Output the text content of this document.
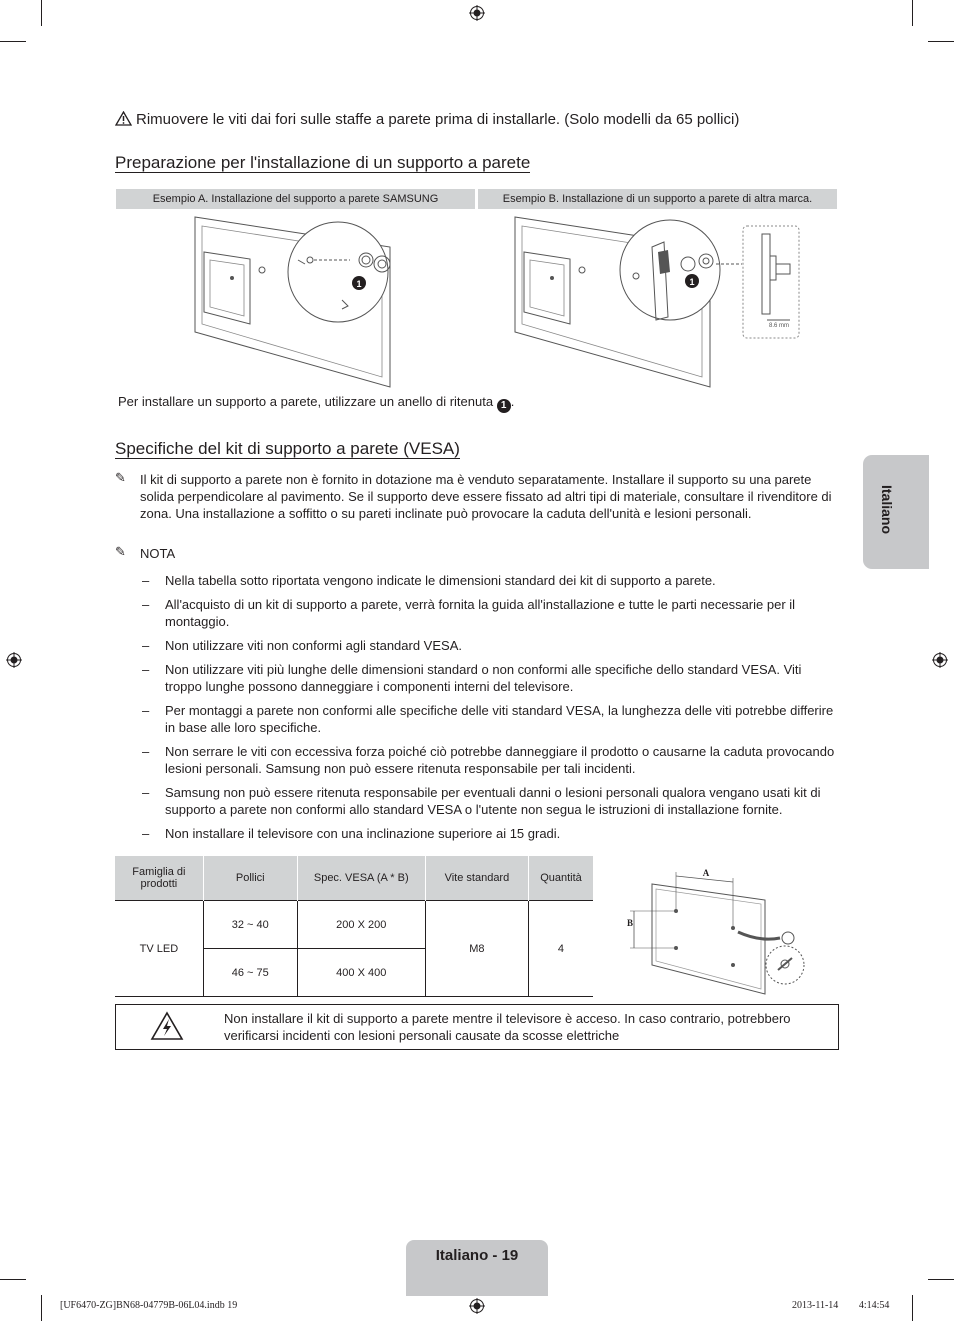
Rimuovere le viti dai fori sulle staffe a parete prima di installarle. (Solo modelli da 65 pollici)
Preparazione per l'installazione di un supporto a parete
Esempio A. Installazione del supporto a parete SAMSUNG	Esempio B. Installazione di un supporto a parete di altra marca.
1	1
8.6 mm
Per installare un supporto a parete, utilizzare un anello di ritenuta 1 .
Specifiche del kit di supporto a parete (VESA)
✎ Il kit di supporto a parete non è fornito in dotazione ma è venduto separatamente. Installare il supporto su una parete solida perpendicolare al pavimento. Se il supporto deve essere fissato ad altri tipi di materiale, consultare il rivenditore di zona. Una installazione a soffitto o su pareti inclinate può provocare la caduta dell'unità e lesioni personali.
✎ NOTA
– Nella tabella sotto riportata vengono indicate le dimensioni standard dei kit di supporto a parete.
– All'acquisto di un kit di supporto a parete, verrà fornita la guida all'installazione e tutte le parti necessarie per il montaggio.
– Non utilizzare viti non conformi agli standard VESA.
– Non utilizzare viti più lunghe delle dimensioni standard o non conformi alle specifiche dello standard VESA. Viti troppo lunghe possono danneggiare i componenti interni del televisore.
– Per montaggi a parete non conformi alle specifiche delle viti standard VESA, la lunghezza delle viti potrebbe differire in base alle loro specifiche.
– Non serrare le viti con eccessiva forza poiché ciò potrebbe danneggiare il prodotto o causarne la caduta provocando lesioni personali. Samsung non può essere ritenuta responsabile per tali incidenti.
– Samsung non può essere ritenuta responsabile per eventuali danni o lesioni personali qualora vengano usati kit di supporto a parete non conformi allo standard VESA o l'utente non segua le istruzioni di installazione fornite.
– Non installare il televisore con una inclinazione superiore ai 15 gradi.
Famiglia di prodotti	Pollici	Spec. VESA (A * B)	Vite standard	Quantità
TV LED	32 ~ 40	200 X 200	M8	4
	46 ~ 75	400 X 400		
A
B
Non installare il kit di supporto a parete mentre il televisore è acceso. In caso contrario, potrebbero verificarsi incidenti con lesioni personali causate da scosse elettriche
Italiano
Italiano - 19
[UF6470-ZG]BN68-04779B-06L04.indb 19	2013-11-14 ￿￿ 4:14:54
